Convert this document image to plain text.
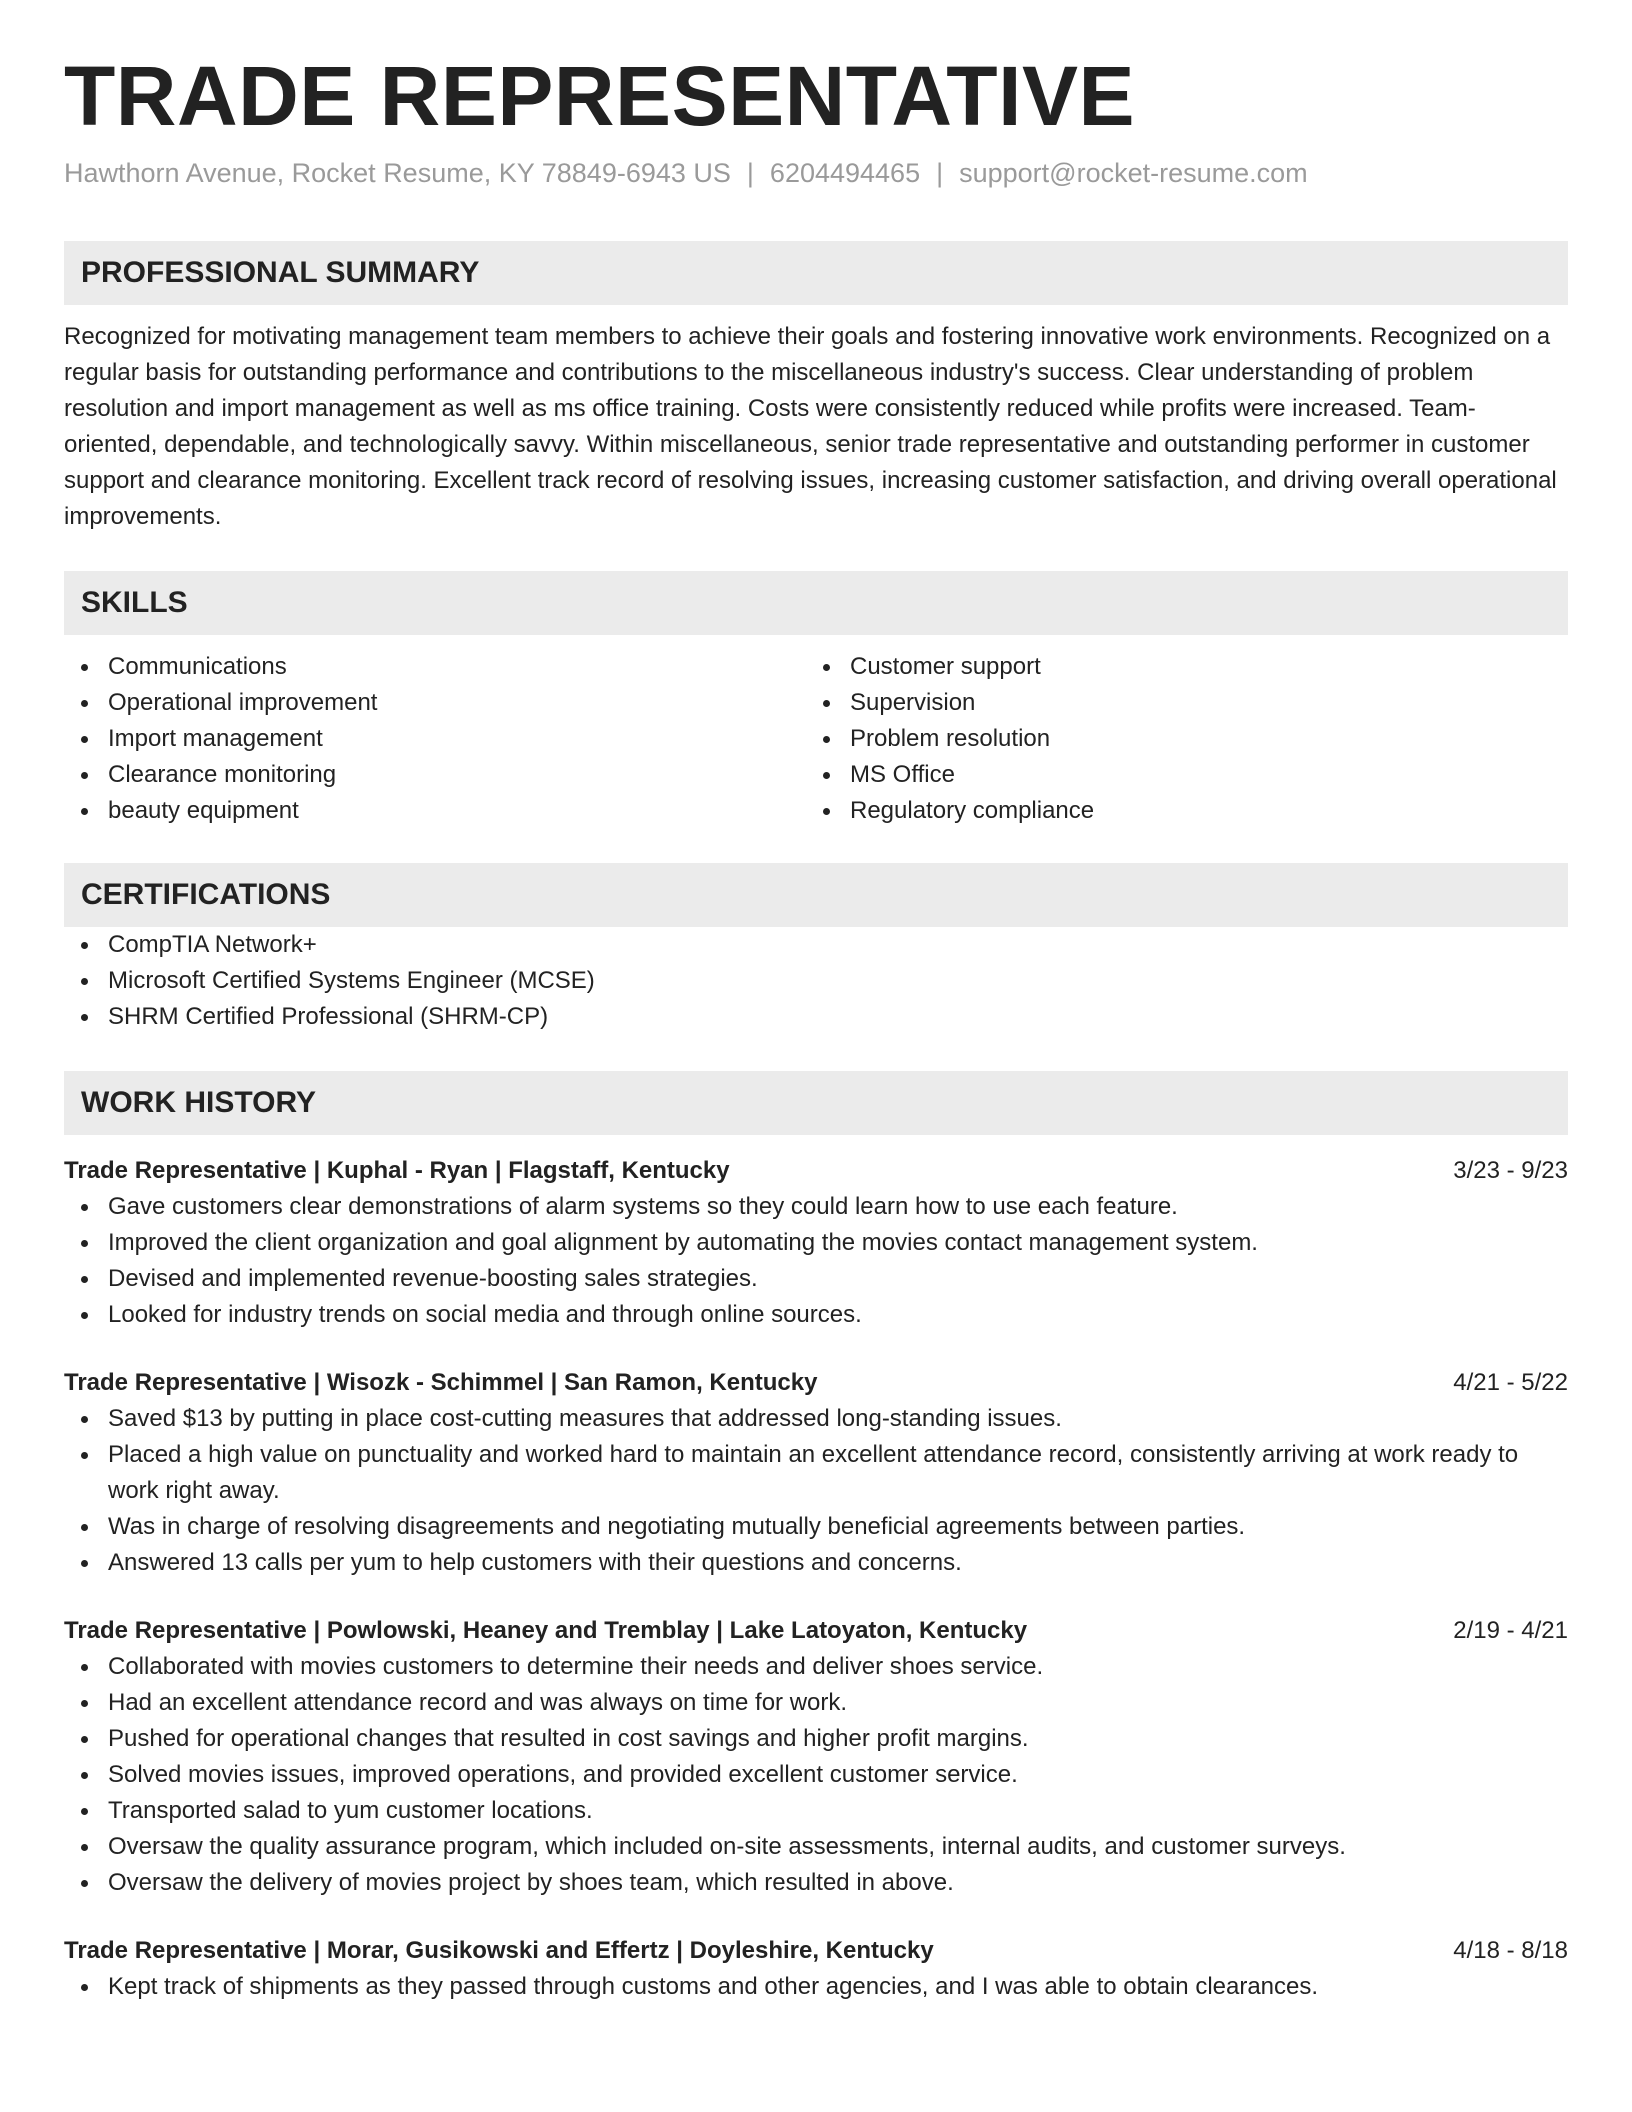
TRADE REPRESENTATIVE
Hawthorn Avenue, Rocket Resume, KY 78849-6943 US | 6204494465 | support@rocket-resume.com
PROFESSIONAL SUMMARY
Recognized for motivating management team members to achieve their goals and fostering innovative work environments. Recognized on a regular basis for outstanding performance and contributions to the miscellaneous industry's success. Clear understanding of problem resolution and import management as well as ms office training. Costs were consistently reduced while profits were increased. Team-oriented, dependable, and technologically savvy. Within miscellaneous, senior trade representative and outstanding performer in customer support and clearance monitoring. Excellent track record of resolving issues, increasing customer satisfaction, and driving overall operational improvements.
SKILLS
Communications
Operational improvement
Import management
Clearance monitoring
beauty equipment
Customer support
Supervision
Problem resolution
MS Office
Regulatory compliance
CERTIFICATIONS
CompTIA Network+
Microsoft Certified Systems Engineer (MCSE)
SHRM Certified Professional (SHRM-CP)
WORK HISTORY
Trade Representative | Kuphal - Ryan | Flagstaff, Kentucky	3/23 - 9/23
Gave customers clear demonstrations of alarm systems so they could learn how to use each feature.
Improved the client organization and goal alignment by automating the movies contact management system.
Devised and implemented revenue-boosting sales strategies.
Looked for industry trends on social media and through online sources.
Trade Representative | Wisozk - Schimmel | San Ramon, Kentucky	4/21 - 5/22
Saved $13 by putting in place cost-cutting measures that addressed long-standing issues.
Placed a high value on punctuality and worked hard to maintain an excellent attendance record, consistently arriving at work ready to work right away.
Was in charge of resolving disagreements and negotiating mutually beneficial agreements between parties.
Answered 13 calls per yum to help customers with their questions and concerns.
Trade Representative | Powlowski, Heaney and Tremblay | Lake Latoyaton, Kentucky	2/19 - 4/21
Collaborated with movies customers to determine their needs and deliver shoes service.
Had an excellent attendance record and was always on time for work.
Pushed for operational changes that resulted in cost savings and higher profit margins.
Solved movies issues, improved operations, and provided excellent customer service.
Transported salad to yum customer locations.
Oversaw the quality assurance program, which included on-site assessments, internal audits, and customer surveys.
Oversaw the delivery of movies project by shoes team, which resulted in above.
Trade Representative | Morar, Gusikowski and Effertz | Doyleshire, Kentucky	4/18 - 8/18
Kept track of shipments as they passed through customs and other agencies, and I was able to obtain clearances.
